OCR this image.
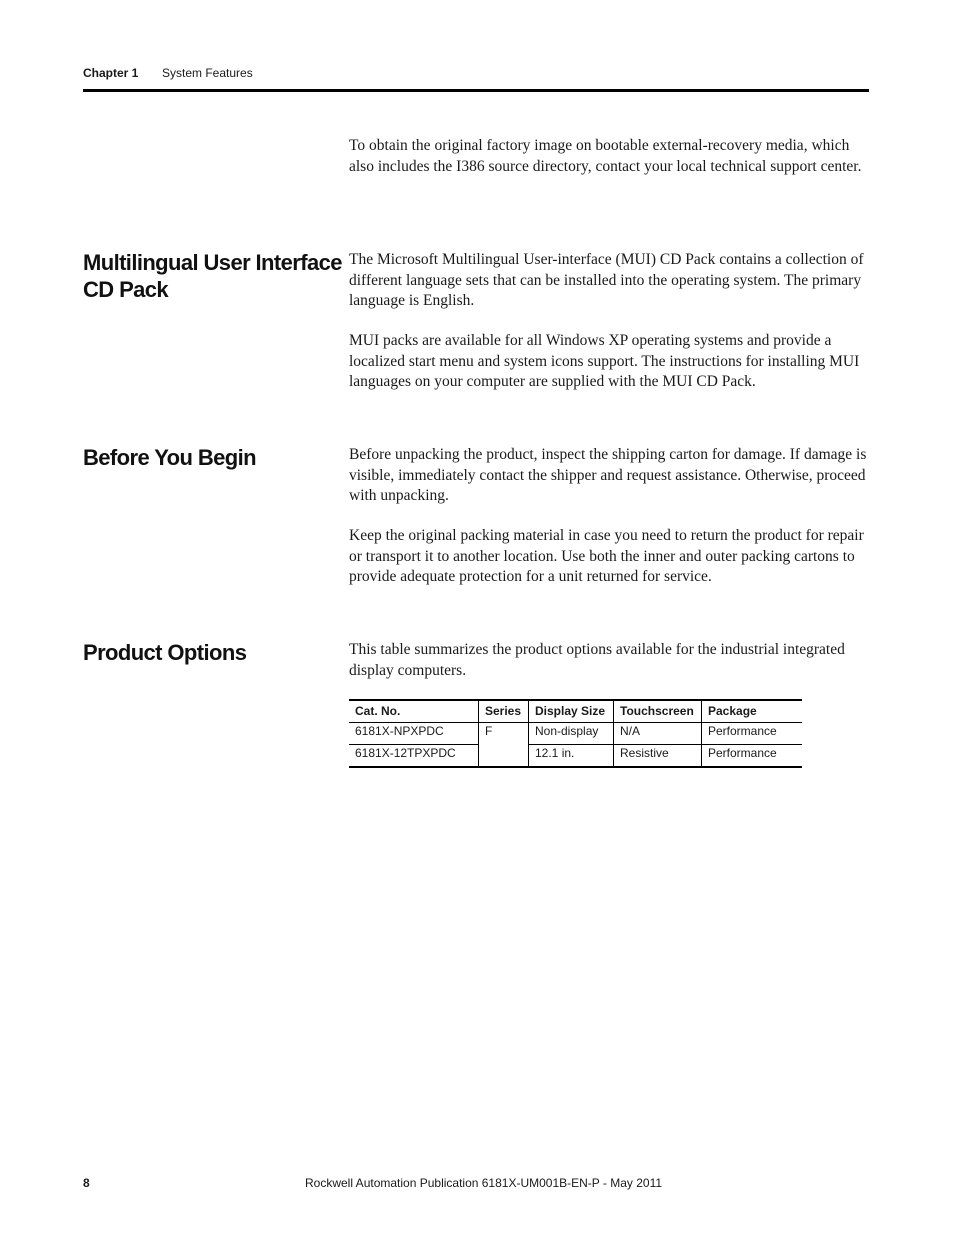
Chapter 1 System Features

To obtain the original factory image on bootable external-recovery media, which also includes the I386 source directory, contact your local technical support center.

Multilingual User Interface CD Pack

The Microsoft Multilingual User-interface (MUI) CD Pack contains a collection of different language sets that can be installed into the operating system. The primary language is English.

MUI packs are available for all Windows XP operating systems and provide a localized start menu and system icons support. The instructions for installing MUI languages on your computer are supplied with the MUI CD Pack.

Before You Begin	Before unpacking the product, inspect the shipping carton for damage. If damage is visible, immediately contact the shipper and request assistance. Otherwise, proceed with unpacking.

Keep the original packing material in case you need to return the product for repair or transport it to another location. Use both the inner and outer packing cartons to provide adequate protection for a unit returned for service.

Product Options	This table summarizes the product options available for the industrial integrated display computers.

Cat. No.	Series	Display Size	Touchscreen	Package
6181X-NPXPDC	F	Non-display	N/A	Performance
6181X-12TPXPDC		12.1 in.	Resistive	Performance
8	Rockwell Automation Publication 6181X-UM001B-EN-P - May 2011
